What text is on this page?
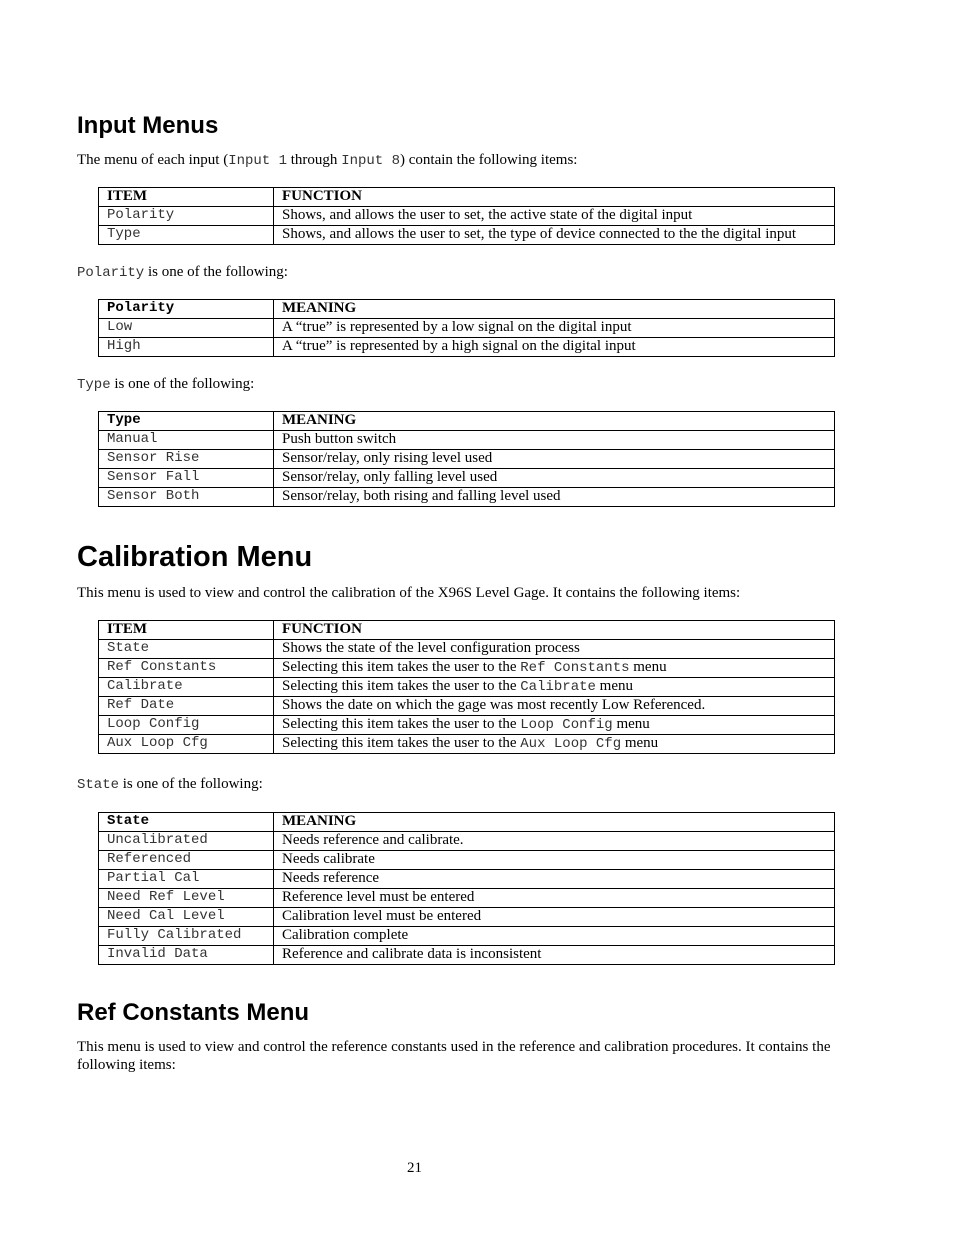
Input Menus

The menu of each input (Input 1 through Input 8) contain the following items:

ITEM	FUNCTION
Polarity	Shows, and allows the user to set, the active state of the digital input
Type	Shows, and allows the user to set, the type of device connected to the the digital input

Polarity is one of the following:

Polarity	MEANING
Low	A “true” is represented by a low signal on the digital input
High	A “true” is represented by a high signal on the digital input

Type is one of the following:

Type	MEANING
Manual	Push button switch
Sensor Rise	Sensor/relay, only rising level used
Sensor Fall	Sensor/relay, only falling level used
Sensor Both	Sensor/relay, both rising and falling level used
Calibration Menu

This menu is used to view and control the calibration of the X96S Level Gage. It contains the following items:

ITEM	FUNCTION
State	Shows the state of the level configuration process
Ref Constants	Selecting this item takes the user to the Ref Constants menu
Calibrate	Selecting this item takes the user to the Calibrate menu
Ref Date	Shows the date on which the gage was most recently Low Referenced.
Loop Config	Selecting this item takes the user to the Loop Config menu
Aux Loop Cfg	Selecting this item takes the user to the Aux Loop Cfg menu

State is one of the following:

State	MEANING
Uncalibrated	Needs reference and calibrate.
Referenced	Needs calibrate
Partial Cal	Needs reference
Need Ref Level	Reference level must be entered
Need Cal Level	Calibration level must be entered
Fully Calibrated	Calibration complete
Invalid Data	Reference and calibrate data is inconsistent
Ref Constants Menu

This menu is used to view and control the reference constants used in the reference and calibration procedures. It contains the
following items:

21
